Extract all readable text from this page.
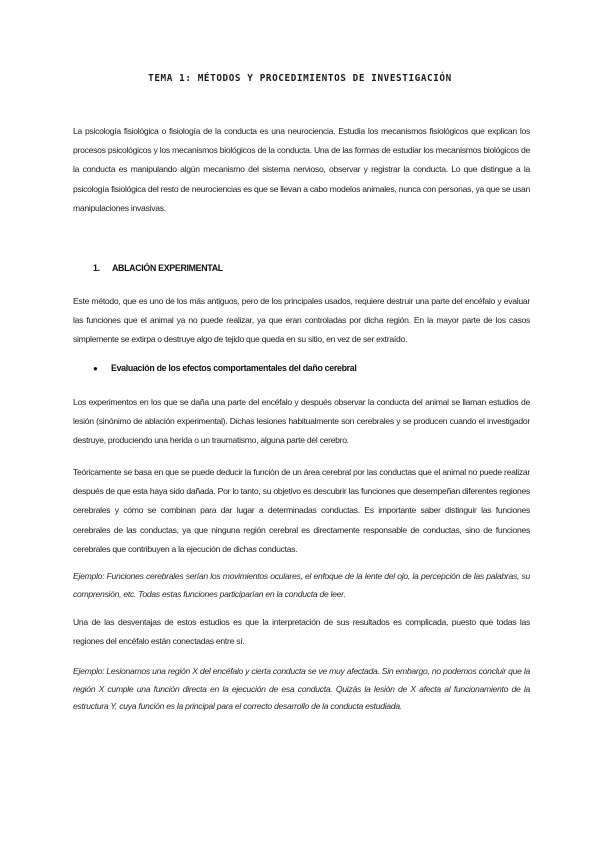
TEMA 1: MÉTODOS Y PROCEDIMIENTOS DE INVESTIGACIÓN

La psicología fisiológica o fisiología de la conducta es una neurociencia. Estudia los mecanismos fisiológicos que explican los procesos psicológicos y los mecanismos biológicos de la conducta. Una de las formas de estudiar los mecanismos biológicos de la conducta es manipulando algún mecanismo del sistema nervioso, observar y registrar la conducta. Lo que distingue a la psicología fisiológica del resto de neurociencias es que se llevan a cabo modelos animales, nunca con personas, ya que se usan manipulaciones invasivas.

1. ABLACIÓN EXPERIMENTAL

Este método, que es uno de los más antiguos, pero de los principales usados, requiere destruir una parte del encéfalo y evaluar las funciones que el animal ya no puede realizar, ya que eran controladas por dicha región. En la mayor parte de los casos simplemente se extirpa o destruye algo de tejido que queda en su sitio, en vez de ser extraído.

● Evaluación de los efectos comportamentales del daño cerebral

Los experimentos en los que se daña una parte del encéfalo y después observar la conducta del animal se llaman estudios de lesión (sinónimo de ablación experimental). Dichas lesiones habitualmente son cerebrales y se producen cuando el investigador destruye, produciendo una herida o un traumatismo, alguna parte del cerebro.

Teóricamente se basa en que se puede deducir la función de un área cerebral por las conductas que el animal no puede realizar después de que esta haya sido dañada. Por lo tanto, su objetivo es descubrir las funciones que desempeñan diferentes regiones cerebrales y cómo se combinan para dar lugar a determinadas conductas. Es importante saber distinguir las funciones cerebrales de las conductas, ya que ninguna región cerebral es directamente responsable de conductas, sino de funciones cerebrales que contribuyen a la ejecución de dichas conductas.

Ejemplo: Funciones cerebrales serían los movimientos oculares, el enfoque de la lente del ojo, la percepción de las palabras, su comprensión, etc. Todas estas funciones participarían en la conducta de leer.

Una de las desventajas de estos estudios es que la interpretación de sus resultados es complicada, puesto que todas las regiones del encéfalo están conectadas entre sí.

Ejemplo: Lesionamos una región X del encéfalo y cierta conducta se ve muy afectada. Sin embargo, no podemos concluir que la región X cumple una función directa en la ejecución de esa conducta. Quizás la lesión de X afecta al funcionamiento de la estructura Y, cuya función es la principal para el correcto desarrollo de la conducta estudiada.
